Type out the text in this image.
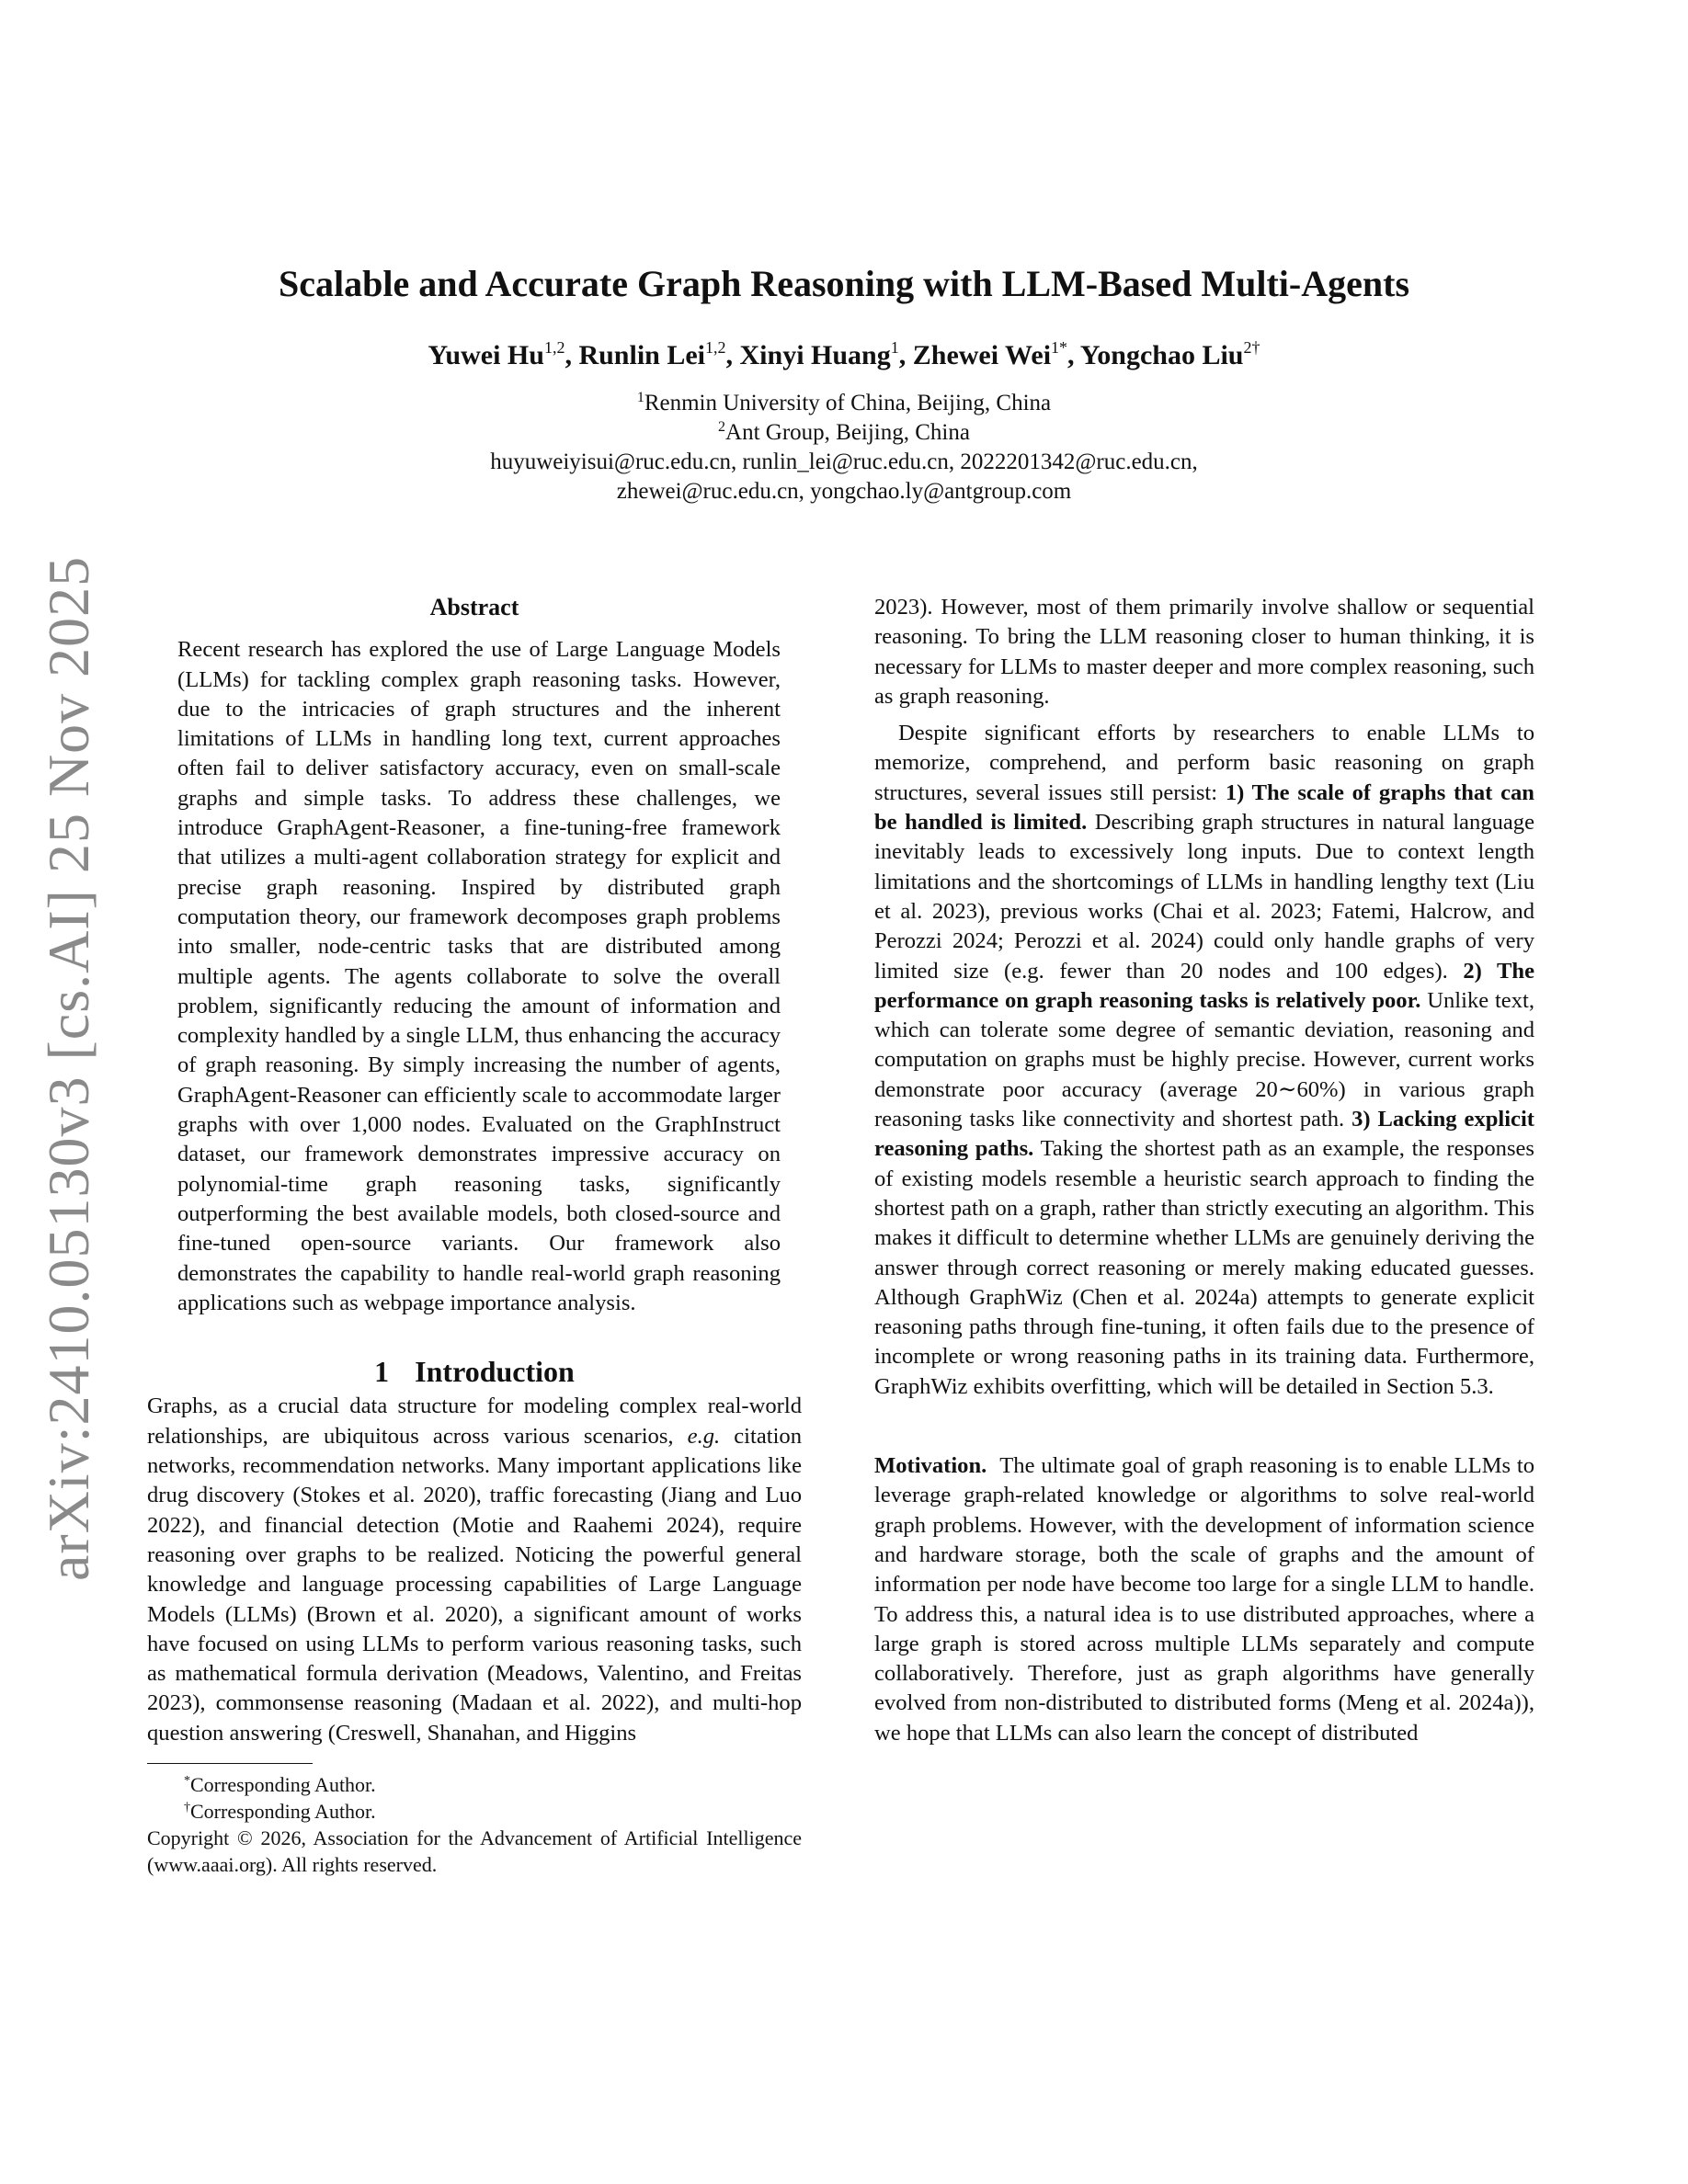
arXiv:2410.05130v3 [cs.AI] 25 Nov 2025
Scalable and Accurate Graph Reasoning with LLM-Based Multi-Agents
Yuwei Hu$^{1,2}$, Runlin Lei$^{1,2}$, Xinyi Huang$^1$, Zhewei Wei$^{1*}$, Yongchao Liu$^{2\dagger}$
$^1$Renmin University of China, Beijing, China
$^2$Ant Group, Beijing, China
huyuweiyisui@ruc.edu.cn, runlin_lei@ruc.edu.cn, 2022201342@ruc.edu.cn,
zhewei@ruc.edu.cn, yongchao.ly@antgroup.com
Abstract

Recent research has explored the use of Large Language Models (LLMs) for tackling complex graph reasoning tasks. However, due to the intricacies of graph structures and the inherent limitations of LLMs in handling long text, current approaches often fail to deliver satisfactory accuracy, even on small-scale graphs and simple tasks. To address these challenges, we introduce GraphAgent-Reasoner, a fine-tuning-free framework that utilizes a multi-agent collaboration strategy for explicit and precise graph reasoning. Inspired by distributed graph computation theory, our framework decomposes graph problems into smaller, node-centric tasks that are distributed among multiple agents. The agents collaborate to solve the overall problem, significantly reducing the amount of information and complexity handled by a single LLM, thus enhancing the accuracy of graph reasoning. By simply increasing the number of agents, GraphAgent-Reasoner can efficiently scale to accommodate larger graphs with over 1,000 nodes. Evaluated on the GraphInstruct dataset, our framework demonstrates impressive accuracy on polynomial-time graph reasoning tasks, significantly outperforming the best available models, both closed-source and fine-tuned open-source variants. Our framework also demonstrates the capability to handle real-world graph reasoning applications such as webpage importance analysis.

1 Introduction

Graphs, as a crucial data structure for modeling complex real-world relationships, are ubiquitous across various scenarios, e.g. citation networks, recommendation networks. Many important applications like drug discovery (Stokes et al. 2020), traffic forecasting (Jiang and Luo 2022), and financial detection (Motie and Raahemi 2024), require reasoning over graphs to be realized. Noticing the powerful general knowledge and language processing capabilities of Large Language Models (LLMs) (Brown et al. 2020), a significant amount of works have focused on using LLMs to perform various reasoning tasks, such as mathematical formula derivation (Meadows, Valentino, and Freitas 2023), commonsense reasoning (Madaan et al. 2022), and multi-hop question answering (Creswell, Shanahan, and Higgins

*Corresponding Author.

†Corresponding Author.

Copyright © 2026, Association for the Advancement of Artificial Intelligence (www.aaai.org). All rights reserved.

2023). However, most of them primarily involve shallow or sequential reasoning. To bring the LLM reasoning closer to human thinking, it is necessary for LLMs to master deeper and more complex reasoning, such as graph reasoning.

Despite significant efforts by researchers to enable LLMs to memorize, comprehend, and perform basic reasoning on graph structures, several issues still persist: 1) The scale of graphs that can be handled is limited. Describing graph structures in natural language inevitably leads to excessively long inputs. Due to context length limitations and the shortcomings of LLMs in handling lengthy text (Liu et al. 2023), previous works (Chai et al. 2023; Fatemi, Halcrow, and Perozzi 2024; Perozzi et al. 2024) could only handle graphs of very limited size (e.g. fewer than 20 nodes and 100 edges). 2) The performance on graph reasoning tasks is relatively poor. Unlike text, which can tolerate some degree of semantic deviation, reasoning and computation on graphs must be highly precise. However, current works demonstrate poor accuracy (average 20∼60%) in various graph reasoning tasks like connectivity and shortest path. 3) Lacking explicit reasoning paths. Taking the shortest path as an example, the responses of existing models resemble a heuristic search approach to finding the shortest path on a graph, rather than strictly executing an algorithm. This makes it difficult to determine whether LLMs are genuinely deriving the answer through correct reasoning or merely making educated guesses. Although GraphWiz (Chen et al. 2024a) attempts to generate explicit reasoning paths through fine-tuning, it often fails due to the presence of incomplete or wrong reasoning paths in its training data. Furthermore, GraphWiz exhibits overfitting, which will be detailed in Section 5.3.

Motivation. The ultimate goal of graph reasoning is to enable LLMs to leverage graph-related knowledge or algorithms to solve real-world graph problems. However, with the development of information science and hardware storage, both the scale of graphs and the amount of information per node have become too large for a single LLM to handle. To address this, a natural idea is to use distributed approaches, where a large graph is stored across multiple LLMs separately and compute collaboratively. Therefore, just as graph algorithms have generally evolved from non-distributed to distributed forms (Meng et al. 2024a)), we hope that LLMs can also learn the concept of distributed
